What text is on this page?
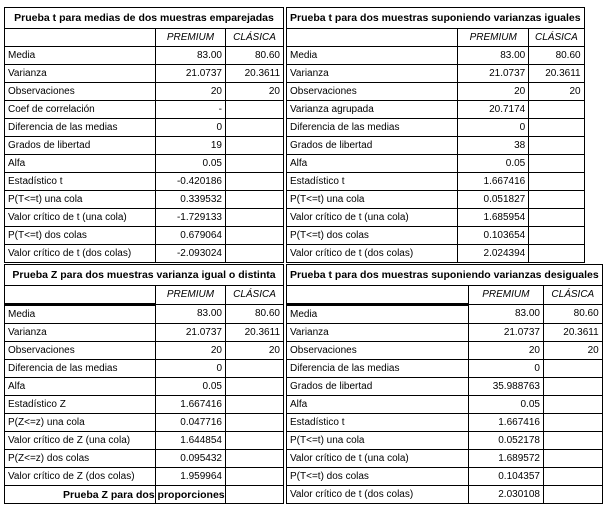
Prueba t para medias de dos muestras emparejadas		
	PREMIUM	CLÁSICA
Media	83.00	80.60
Varianza	21.0737	20.3611
Observaciones	20	20
Coef de correlación	-	
Diferencia de las medias	0	
Grados de libertad	19	
Alfa	0.05	
Estadístico t	-0.420186	
P(T<=t) una cola	0.339532	
Valor crítico de t (una cola)	-1.729133	
P(T<=t) dos colas	0.679064	
Valor crítico de t (dos colas)	-2.093024	
Prueba t para dos muestras suponiendo varianzas iguales		
	PREMIUM	CLÁSICA
Media	83.00	80.60
Varianza	21.0737	20.3611
Observaciones	20	20
Varianza agrupada	20.7174	
Diferencia de las medias	0	
Grados de libertad	38	
Alfa	0.05	
Estadístico t	1.667416	
P(T<=t) una cola	0.051827	
Valor crítico de t (una cola)	1.685954	
P(T<=t) dos colas	0.103654	
Valor crítico de t (dos colas)	2.024394	
Prueba Z para dos muestras varianza igual o distinta		
	PREMIUM	CLÁSICA
Media	83.00	80.60
Varianza	21.0737	20.3611
Observaciones	20	20
Diferencia de las medias	0	
Alfa	0.05	
Estadístico Z	1.667416	
P(Z<=z) una cola	0.047716	
Valor crítico de Z (una cola)	1.644854	
P(Z<=z) dos colas	0.095432	
Valor crítico de Z (dos colas)	1.959964	

Prueba t para dos muestras suponiendo varianzas desiguales		
	PREMIUM	CLÁSICA
Media	83.00	80.60
Varianza	21.0737	20.3611
Observaciones	20	20
Diferencia de las medias	0	
Grados de libertad	35.988763	
Alfa	0.05	
Estadístico t	1.667416	
P(T<=t) una cola	0.052178	
Valor crítico de t (una cola)	1.689572	
P(T<=t) dos colas	0.104357	
Valor crítico de t (dos colas)	2.030108	
Prueba Z para dos proporciones
